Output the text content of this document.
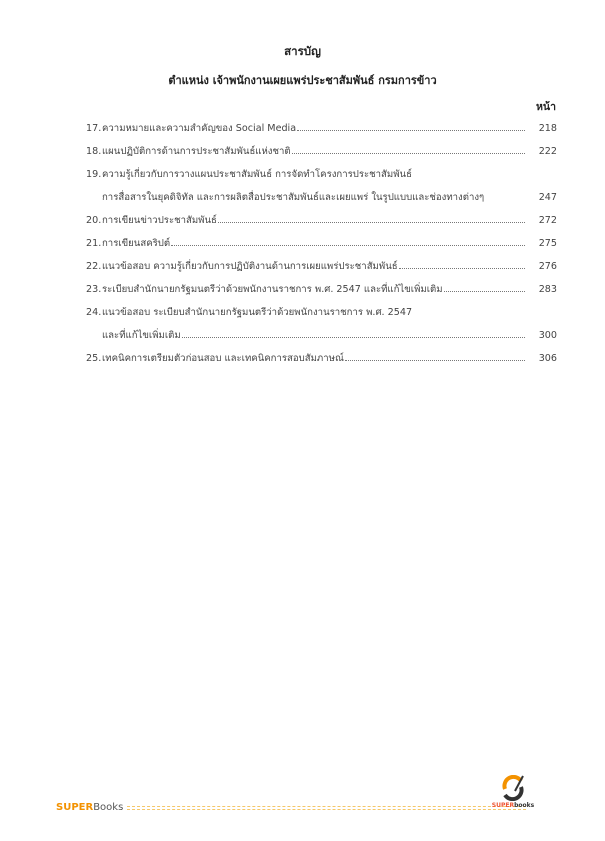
สารบัญ
ตำแหน่ง เจ้าพนักงานเผยแพร่ประชาสัมพันธ์ กรมการข้าว
หน้า
17. ความหมายและความสำคัญของ Social Media	218
18. แผนปฏิบัติการด้านการประชาสัมพันธ์แห่งชาติ	222
19. ความรู้เกี่ยวกับการวางแผนประชาสัมพันธ์ การจัดทำโครงการประชาสัมพันธ์
การสื่อสารในยุคดิจิทัล และการผลิตสื่อประชาสัมพันธ์และเผยแพร่ ในรูปแบบและช่องทางต่างๆ	247
20. การเขียนข่าวประชาสัมพันธ์	272
21. การเขียนสคริปต์	275
22. แนวข้อสอบ ความรู้เกี่ยวกับการปฏิบัติงานด้านการเผยแพร่ประชาสัมพันธ์	276
23. ระเบียบสำนักนายกรัฐมนตรีว่าด้วยพนักงานราชการ พ.ศ. 2547 และที่แก้ไขเพิ่มเติม	283
24. แนวข้อสอบ ระเบียบสำนักนายกรัฐมนตรีว่าด้วยพนักงานราชการ พ.ศ. 2547
และที่แก้ไขเพิ่มเติม	300
25. เทคนิคการเตรียมตัวก่อนสอบ และเทคนิคการสอบสัมภาษณ์	306
SUPERBooks	SUPERbooks
